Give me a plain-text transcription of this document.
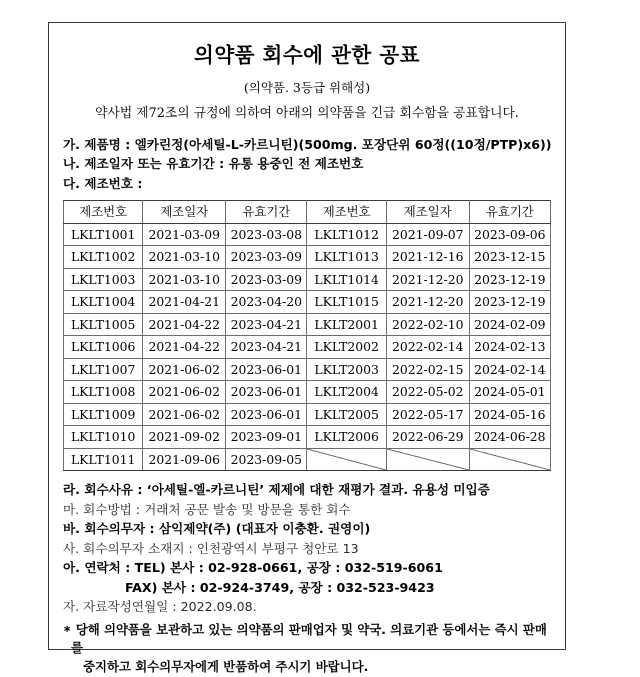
의약품 회수에 관한 공표
(의약품. 3등급 위해성)
약사법 제72조의 규정에 의하여 아래의 의약품을 긴급 회수함을 공표합니다.
가. 제품명 : 엘카린정(아세틸-L-카르니틴)(500mg. 포장단위 60정((10정/PTP)x6))
나. 제조일자 또는 유효기간 : 유통 용중인 전 제조번호
다. 제조번호 :
제조번호	제조일자	유효기간	제조번호	제조일자	유효기간
LKLT1001	2021-03-09	2023-03-08	LKLT1012	2021-09-07	2023-09-06
LKLT1002	2021-03-10	2023-03-09	LKLT1013	2021-12-16	2023-12-15
LKLT1003	2021-03-10	2023-03-09	LKLT1014	2021-12-20	2023-12-19
LKLT1004	2021-04-21	2023-04-20	LKLT1015	2021-12-20	2023-12-19
LKLT1005	2021-04-22	2023-04-21	LKLT2001	2022-02-10	2024-02-09
LKLT1006	2021-04-22	2023-04-21	LKLT2002	2022-02-14	2024-02-13
LKLT1007	2021-06-02	2023-06-01	LKLT2003	2022-02-15	2024-02-14
LKLT1008	2021-06-02	2023-06-01	LKLT2004	2022-05-02	2024-05-01
LKLT1009	2021-06-02	2023-06-01	LKLT2005	2022-05-17	2024-05-16
LKLT1010	2021-09-02	2023-09-01	LKLT2006	2022-06-29	2024-06-28
LKLT1011	2021-09-06	2023-09-05			
라. 회수사유 : ‘아세틸-엘-카르니틴’ 제제에 대한 재평가 결과. 유용성 미입증
마. 회수방법 : 거래처 공문 발송 및 방문을 통한 회수
바. 회수의무자 : 삼익제약(주) (대표자 이충환. 권영이)
사. 회수의무자 소재지 : 인천광역시 부평구 청안로 13
아. 연락처 : TEL) 본사 : 02-928-0661, 공장 : 032-519-6061
FAX) 본사 : 02-924-3749, 공장 : 032-523-9423
자. 자료작성연월일 : 2022.09.08.
∗ 당해 의약품을 보관하고 있는 의약품의 판매업자 및 약국. 의료기관 등에서는 즉시 판매를
중지하고 회수의무자에게 반품하여 주시기 바랍니다.
